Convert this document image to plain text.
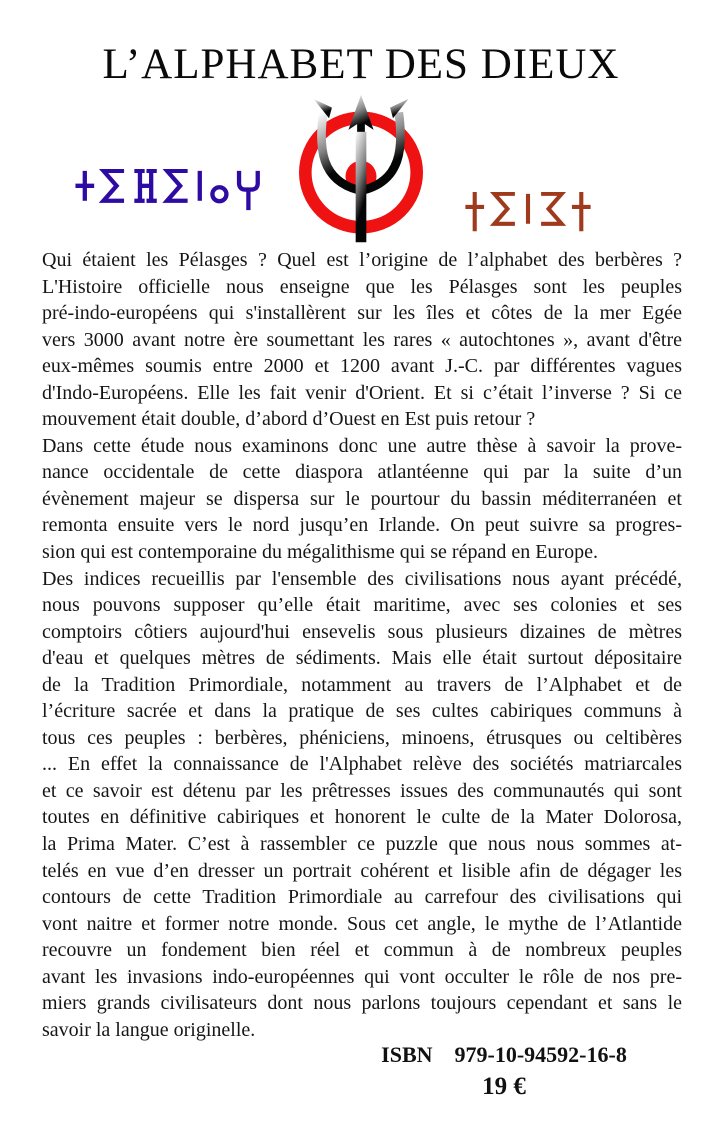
L’ALPHABET DES DIEUX
Qui étaient les Pélasges ? Quel est l’origine de l’alphabet des berbères ?
L'Histoire officielle nous enseigne que les Pélasges sont les peuples
pré-indo-européens qui s'installèrent sur les îles et côtes de la mer Egée
vers 3000 avant notre ère soumettant les rares « autochtones », avant d'être
eux-mêmes soumis entre 2000 et 1200 avant J.-C. par différentes vagues
d'Indo-Européens. Elle les fait venir d'Orient. Et si c’était l’inverse ? Si ce
mouvement était double, d’abord d’Ouest en Est puis retour ?
Dans cette étude nous examinons donc une autre thèse à savoir la prove-
nance occidentale de cette diaspora atlantéenne qui par la suite d’un
évènement majeur se dispersa sur le pourtour du bassin méditerranéen et
remonta ensuite vers le nord jusqu’en Irlande. On peut suivre sa progres-
sion qui est contemporaine du mégalithisme qui se répand en Europe.
Des indices recueillis par l'ensemble des civilisations nous ayant précédé,
nous pouvons supposer qu’elle était maritime, avec ses colonies et ses
comptoirs côtiers aujourd'hui ensevelis sous plusieurs dizaines de mètres
d'eau et quelques mètres de sédiments. Mais elle était surtout dépositaire
de la Tradition Primordiale, notamment au travers de l’Alphabet et de
l’écriture sacrée et dans la pratique de ses cultes cabiriques communs à
tous ces peuples : berbères, phéniciens, minoens, étrusques ou celtibères
... En effet la connaissance de l'Alphabet relève des sociétés matriarcales
et ce savoir est détenu par les prêtresses issues des communautés qui sont
toutes en définitive cabiriques et honorent le culte de la Mater Dolorosa,
la Prima Mater. C’est à rassembler ce puzzle que nous nous sommes at-
telés en vue d’en dresser un portrait cohérent et lisible afin de dégager les
contours de cette Tradition Primordiale au carrefour des civilisations qui
vont naitre et former notre monde. Sous cet angle, le mythe de l’Atlantide
recouvre un fondement bien réel et commun à de nombreux peuples
avant les invasions indo-européennes qui vont occulter le rôle de nos pre-
miers grands civilisateurs dont nous parlons toujours cependant et sans le
savoir la langue originelle.
ISBN 979-10-94592-16-8
19 €
